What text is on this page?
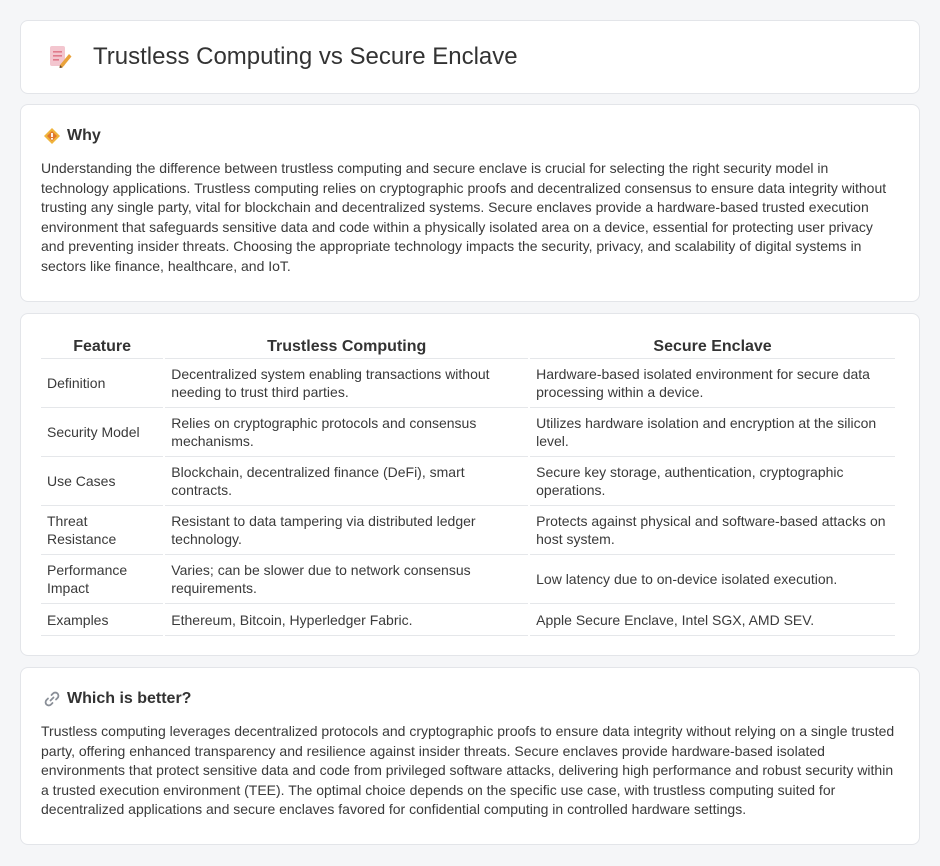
Trustless Computing vs Secure Enclave
Why

Understanding the difference between trustless computing and secure enclave is crucial for selecting the right security model in technology applications. Trustless computing relies on cryptographic proofs and decentralized consensus to ensure data integrity without trusting any single party, vital for blockchain and decentralized systems. Secure enclaves provide a hardware-based trusted execution environment that safeguards sensitive data and code within a physically isolated area on a device, essential for protecting user privacy and preventing insider threats. Choosing the appropriate technology impacts the security, privacy, and scalability of digital systems in sectors like finance, healthcare, and IoT.

Feature	Trustless Computing	Secure Enclave
Definition	Decentralized system enabling transactions without needing to trust third parties.	Hardware-based isolated environment for secure data processing within a device.
Security Model	Relies on cryptographic protocols and consensus mechanisms.	Utilizes hardware isolation and encryption at the silicon level.
Use Cases	Blockchain, decentralized finance (DeFi), smart contracts.	Secure key storage, authentication, cryptographic operations.
Threat Resistance	Resistant to data tampering via distributed ledger technology.	Protects against physical and software-based attacks on host system.
Performance Impact	Varies; can be slower due to network consensus requirements.	Low latency due to on-device isolated execution.
Examples	Ethereum, Bitcoin, Hyperledger Fabric.	Apple Secure Enclave, Intel SGX, AMD SEV.
Which is better?

Trustless computing leverages decentralized protocols and cryptographic proofs to ensure data integrity without relying on a single trusted party, offering enhanced transparency and resilience against insider threats. Secure enclaves provide hardware-based isolated environments that protect sensitive data and code from privileged software attacks, delivering high performance and robust security within a trusted execution environment (TEE). The optimal choice depends on the specific use case, with trustless computing suited for decentralized applications and secure enclaves favored for confidential computing in controlled hardware settings.
